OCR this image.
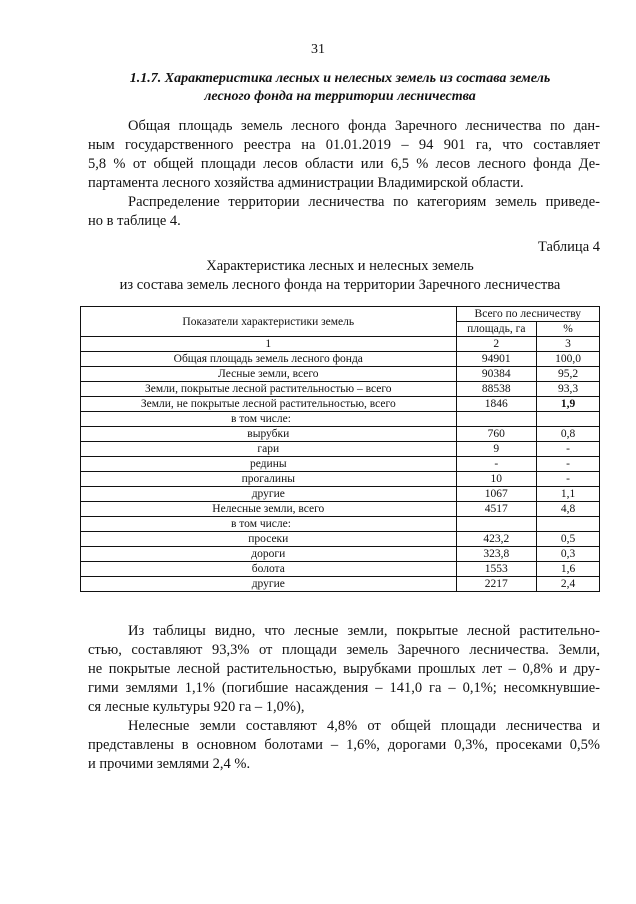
31
1.1.7. Характеристика лесных и нелесных земель из состава земель
лесного фонда на территории лесничества
Общая площадь земель лесного фонда Заречного лесничества по дан-
ным государственного реестра на 01.01.2019 – 94 901 га, что составляет
5,8 % от общей площади лесов области или 6,5 % лесов лесного фонда Де-
партамента лесного хозяйства администрации Владимирской области.
Распределение территории лесничества по категориям земель приведе-
но в таблице 4.
Таблица 4
Характеристика лесных и нелесных земель
из состава земель лесного фонда на территории Заречного лесничества
Показатели характеристики земель	Всего по лесничеству	
	площадь, га	%
1	2	3
Общая площадь земель лесного фонда	94901	100,0
Лесные земли, всего	90384	95,2
Земли, покрытые лесной растительностью – всего	88538	93,3
Земли, не покрытые лесной растительностью, всего	1846	1,9
в том числе:		
вырубки	760	0,8
гари	9	-
редины	-	-
прогалины	10	-
другие	1067	1,1
Нелесные земли, всего	4517	4,8
в том числе:		
просеки	423,2	0,5
дороги	323,8	0,3
болота	1553	1,6
другие	2217	2,4
Из таблицы видно, что лесные земли, покрытые лесной растительно-
стью, составляют 93,3% от площади земель Заречного лесничества. Земли,
не покрытые лесной растительностью, вырубками прошлых лет – 0,8% и дру-
гими землями 1,1% (погибшие насаждения – 141,0 га – 0,1%; несомкнувшие-
ся лесные культуры 920 га – 1,0%),
Нелесные земли составляют 4,8% от общей площади лесничества и
представлены в основном болотами – 1,6%, дорогами 0,3%, просеками 0,5%
и прочими землями 2,4 %.
